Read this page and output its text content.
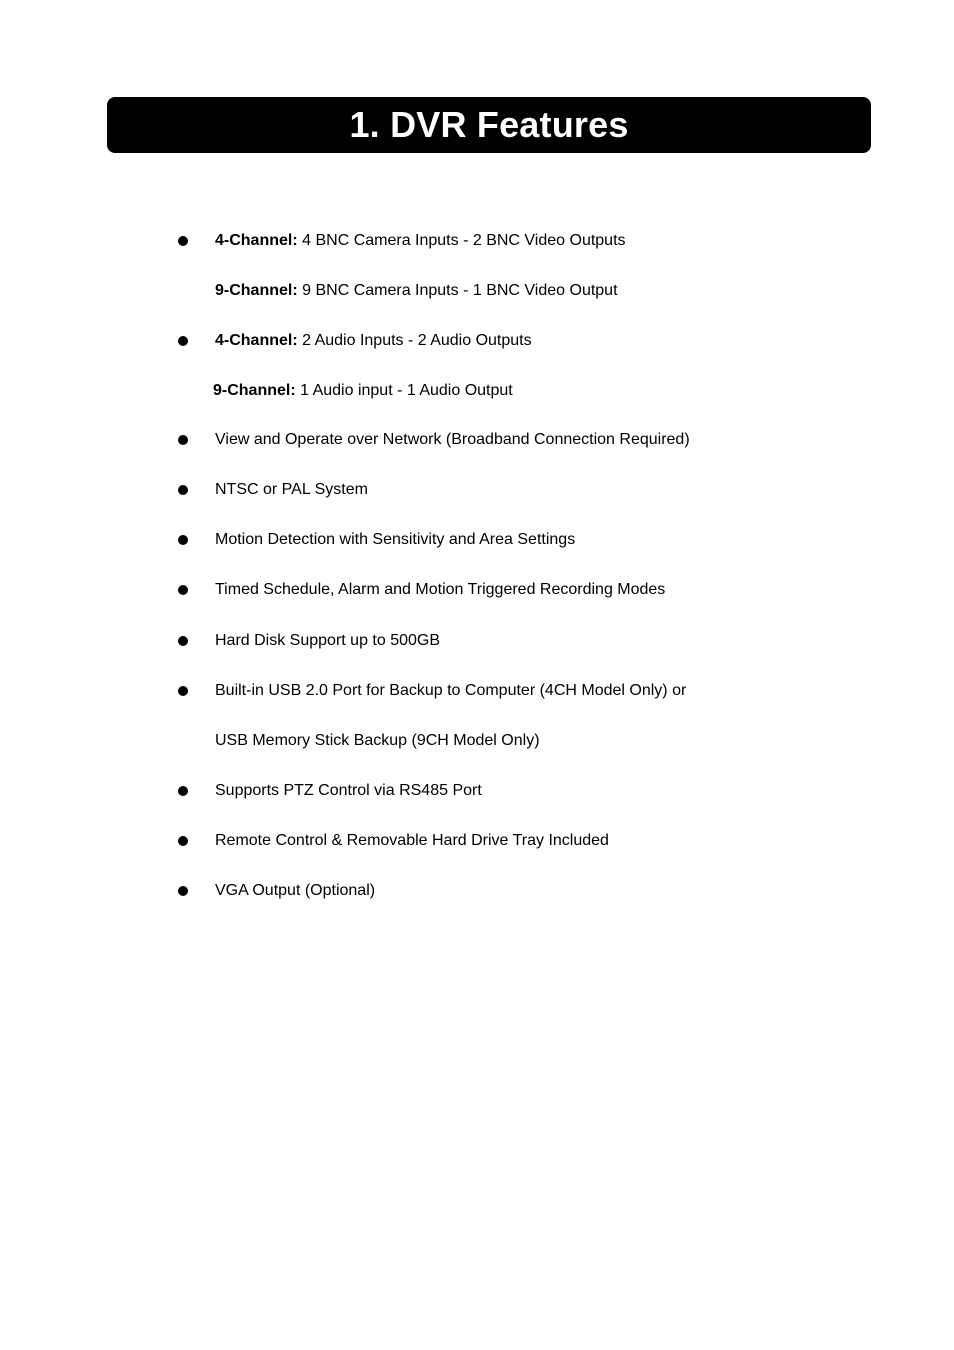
1. DVR Features
4-Channel: 4 BNC Camera Inputs - 2 BNC Video Outputs
9-Channel: 9 BNC Camera Inputs - 1 BNC Video Output
4-Channel: 2 Audio Inputs - 2 Audio Outputs
9-Channel: 1 Audio input - 1 Audio Output
View and Operate over Network (Broadband Connection Required)
NTSC or PAL System
Motion Detection with Sensitivity and Area Settings
Timed Schedule, Alarm and Motion Triggered Recording Modes
Hard Disk Support up to 500GB
Built-in USB 2.0 Port for Backup to Computer (4CH Model Only) or
USB Memory Stick Backup (9CH Model Only)
Supports PTZ Control via RS485 Port
Remote Control & Removable Hard Drive Tray Included
VGA Output (Optional)
